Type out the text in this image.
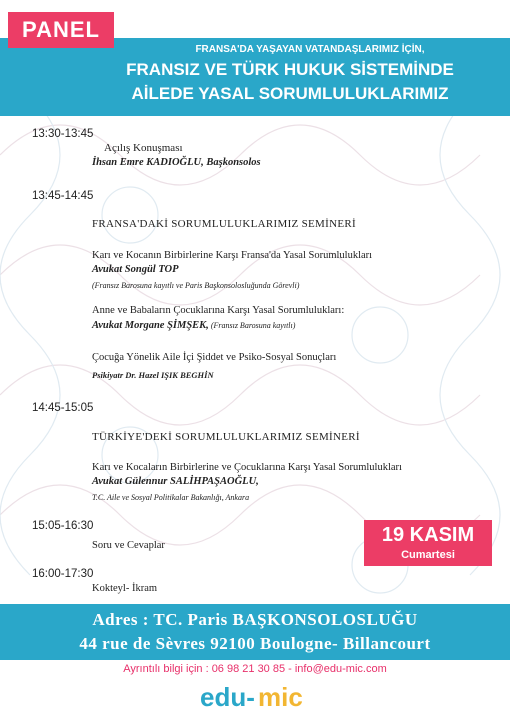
PANEL
FRANSA'DA YAŞAYAN VATANDAŞLARIMIZ İÇİN,
FRANSIZ VE TÜRK HUKUK SİSTEMİNDE
AİLEDE YASAL SORUMLULUKLARIMIZ
13:30-13:45
Açılış Konuşması
İhsan Emre KADIOĞLU, Başkonsolos
13:45-14:45
FRANSA'DAKİ SORUMLULUKLARIMIZ SEMİNERİ
Karı ve Kocanın Birbirlerine Karşı Fransa'da Yasal Sorumlulukları
Avukat Songül TOP
(Fransız Barosuna kayıtlı ve Paris Başkonsolosluğunda Görevli)
Anne ve Babaların Çocuklarına Karşı Yasal Sorumlulukları:
Avukat Morgane ŞİMŞEK, (Fransız Barosuna kayıtlı)
Çocuğa Yönelik Aile İçi Şiddet ve Psiko-Sosyal Sonuçları
Psikiyatr Dr. Hazel IŞIK BEGHİN
14:45-15:05
TÜRKİYE'DEKİ SORUMLULUKLARIMIZ SEMİNERİ
Karı ve Kocaların Birbirlerine ve Çocuklarına Karşı Yasal Sorumlulukları
Avukat Gülennur SALİHPAŞAOĞLU,
T.C. Aile ve Sosyal Politikalar Bakanlığı, Ankara
15:05-16:30
Soru ve Cevaplar
16:00-17:30
Kokteyl- İkram
19 KASIM
Cumartesi
Adres : TC. Paris BAŞKONSOLOSLUĞU
44 rue de Sèvres 92100 Boulogne- Billancourt
Ayrıntılı bilgi için : 06 98 21 30 85 - info@edu-mic.com
edu- mic
